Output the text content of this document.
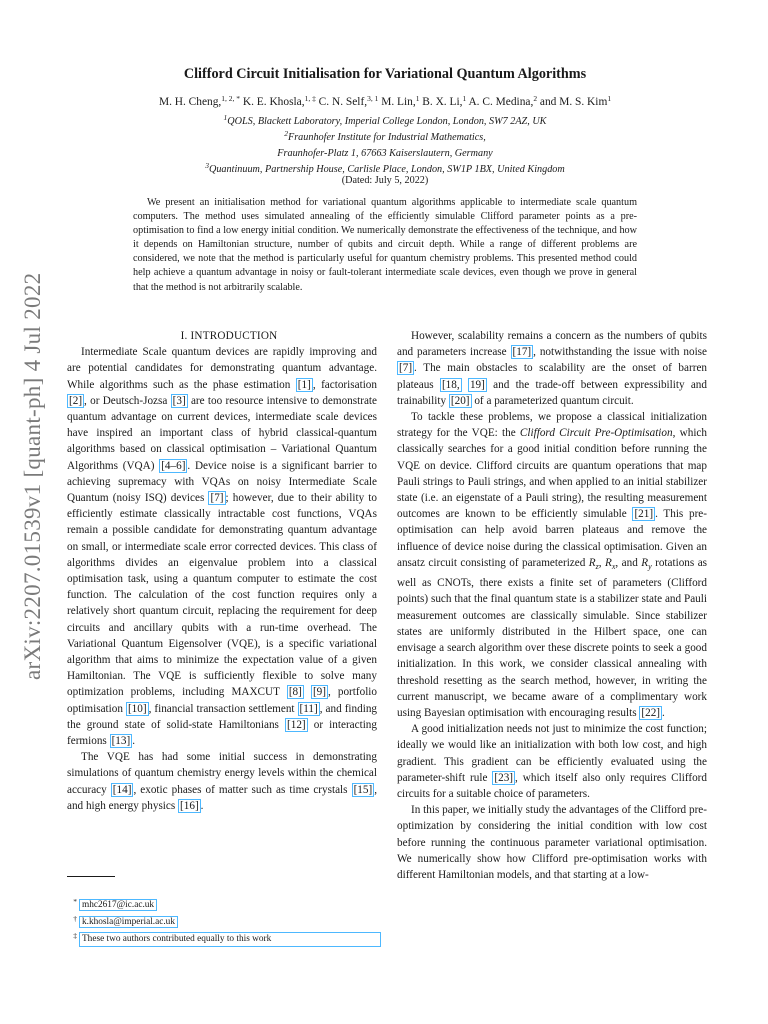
arXiv:2207.01539v1 [quant-ph] 4 Jul 2022
Clifford Circuit Initialisation for Variational Quantum Algorithms
M. H. Cheng,$^{1, 2, *}$ K. E. Khosla,$^{1, \ddagger}$ C. N. Self,$^{3, 1}$ M. Lin,$^1$ B. X. Li,$^1$ A. C. Medina,$^2$ and M. S. Kim$^1$
$^1$QOLS, Blackett Laboratory, Imperial College London, London, SW7 2AZ, UK
$^2$Fraunhofer Institute for Industrial Mathematics,
Fraunhofer-Platz 1, 67663 Kaiserslautern, Germany
$^3$Quantinuum, Partnership House, Carlisle Place, London, SW1P 1BX, United Kingdom
(Dated: July 5, 2022)
We present an initialisation method for variational quantum algorithms applicable to intermediate scale quantum computers. The method uses simulated annealing of the efficiently simulable Clifford parameter points as a pre-optimisation to find a low energy initial condition. We numerically demonstrate the effectiveness of the technique, and how it depends on Hamiltonian structure, number of qubits and circuit depth. While a range of different problems are considered, we note that the method is particularly useful for quantum chemistry problems. This presented method could help achieve a quantum advantage in noisy or fault-tolerant intermediate scale devices, even though we prove in general that the method is not arbitrarily scalable.

I. INTRODUCTION

Intermediate Scale quantum devices are rapidly improving and are potential candidates for demonstrating quantum advantage. While algorithms such as the phase estimation [1] , factorisation [2] , or Deutsch-Jozsa [3] are too resource intensive to demonstrate quantum advantage on current devices, intermediate scale devices have inspired an important class of hybrid classical-quantum algorithms based on classical optimisation – Variational Quantum Algorithms (VQA) [4–6] . Device noise is a significant barrier to achieving supremacy with VQAs on noisy Intermediate Scale Quantum (noisy ISQ) devices [7] ; however, due to their ability to efficiently estimate classically intractable cost functions, VQAs remain a possible candidate for demonstrating quantum advantage on small, or intermediate scale error corrected devices. This class of algorithms divides an eigenvalue problem into a classical optimisation task, using a quantum computer to estimate the cost function. The calculation of the cost function requires only a relatively short quantum circuit, replacing the requirement for deep circuits and ancillary qubits with a run-time overhead. The Variational Quantum Eigensolver (VQE), is a specific variational algorithm that aims to minimize the expectation value of a given Hamiltonian. The VQE is sufficiently flexible to solve many optimization problems, including MAXCUT [8] [9] , portfolio optimisation [10] , financial transaction settlement [11] , and finding the ground state of solid-state Hamiltonians [12] or interacting fermions [13] .

The VQE has had some initial success in demonstrating simulations of quantum chemistry energy levels within the chemical accuracy [14] , exotic phases of matter such as time crystals [15] , and high energy physics [16] .

However, scalability remains a concern as the numbers of qubits and parameters increase [17] , notwithstanding the issue with noise [7] . The main obstacles to scalability are the onset of barren plateaus [18, 19] and the trade-off between expressibility and trainability [20] of a parameterized quantum circuit.

To tackle these problems, we propose a classical initialization strategy for the VQE: the Clifford Circuit Pre-Optimisation, which classically searches for a good initial condition before running the VQE on device. Clifford circuits are quantum operations that map Pauli strings to Pauli strings, and when applied to an initial stabilizer state (i.e. an eigenstate of a Pauli string), the resulting measurement outcomes are known to be efficiently simulable [21] . This pre-optimisation can help avoid barren plateaus and remove the influence of device noise during the classical optimisation. Given an ansatz circuit consisting of parameterized $R_z$, $R_x$, and $R_y$ rotations as well as CNOTs, there exists a finite set of parameters (Clifford points) such that the final quantum state is a stabilizer state and Pauli measurement outcomes are classically simulable. Since stabilizer states are uniformly distributed in the Hilbert space, one can envisage a search algorithm over these discrete points to seek a good initialization. In this work, we consider classical annealing with threshold resetting as the search method, however, in writing the current manuscript, we became aware of a complimentary work using Bayesian optimisation with encouraging results [22] .

A good initialization needs not just to minimize the cost function; ideally we would like an initialization with both low cost, and high gradient. This gradient can be efficiently evaluated using the parameter-shift rule [23] , which itself also only requires Clifford circuits for a suitable choice of parameters.

In this paper, we initially study the advantages of the Clifford pre-optimization by considering the initial condition with low cost before running the continuous parameter variational optimisation. We numerically show how Clifford pre-optimisation works with different Hamiltonian models, and that starting at a low-

* mhc2617@ic.ac.uk
† k.khosla@imperial.ac.uk
‡ These two authors contributed equally to this work
